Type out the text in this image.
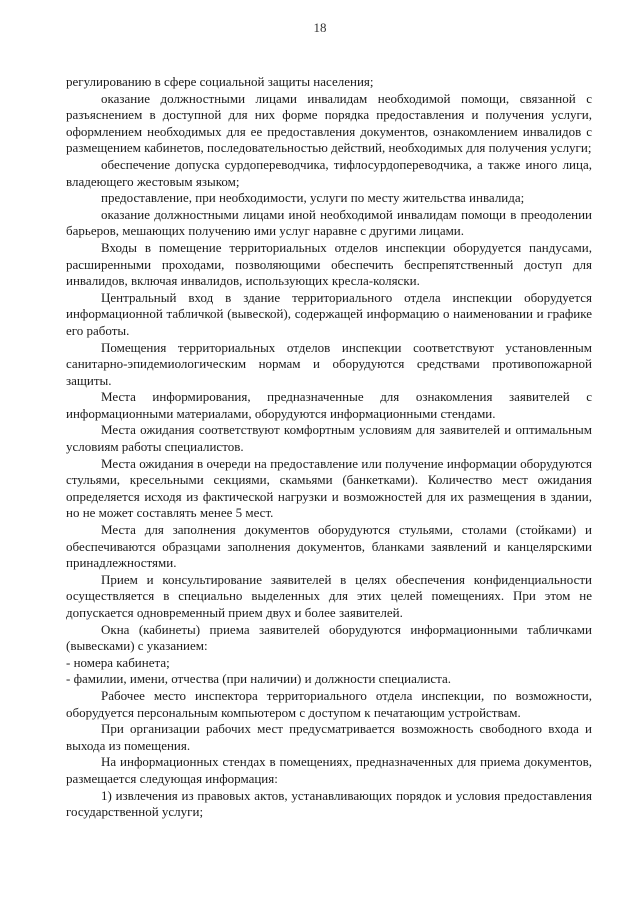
18

регулированию в сфере социальной защиты населения;

оказание должностными лицами инвалидам необходимой помощи, связанной с разъяснением в доступной для них форме порядка предоставления и получения услуги, оформлением необходимых для ее предоставления документов, ознакомлением инвалидов с размещением кабинетов, последовательностью действий, необходимых для получения услуги;

обеспечение допуска сурдопереводчика, тифлосурдопереводчика, а также иного лица, владеющего жестовым языком;

предоставление, при необходимости, услуги по месту жительства инвалида;

оказание должностными лицами иной необходимой инвалидам помощи в преодолении барьеров, мешающих получению ими услуг наравне с другими лицами.

Входы в помещение территориальных отделов инспекции оборудуется пандусами, расширенными проходами, позволяющими обеспечить беспрепятственный доступ для инвалидов, включая инвалидов, использующих кресла-коляски.

Центральный вход в здание территориального отдела инспекции оборудуется информационной табличкой (вывеской), содержащей информацию о наименовании и графике его работы.

Помещения территориальных отделов инспекции соответствуют установленным санитарно-эпидемиологическим нормам и оборудуются средствами противопожарной защиты.

Места информирования, предназначенные для ознакомления заявителей с информационными материалами, оборудуются информационными стендами.

Места ожидания соответствуют комфортным условиям для заявителей и оптимальным условиям работы специалистов.

Места ожидания в очереди на предоставление или получение информации оборудуются стульями, кресельными секциями, скамьями (банкетками). Количество мест ожидания определяется исходя из фактической нагрузки и возможностей для их размещения в здании, но не может составлять менее 5 мест.

Места для заполнения документов оборудуются стульями, столами (стойками) и обеспечиваются образцами заполнения документов, бланками заявлений и канцелярскими принадлежностями.

Прием и консультирование заявителей в целях обеспечения конфиденциальности осуществляется в специально выделенных для этих целей помещениях. При этом не допускается одновременный прием двух и более заявителей.

Окна (кабинеты) приема заявителей оборудуются информационными табличками (вывесками) с указанием:

- номера кабинета;

- фамилии, имени, отчества (при наличии) и должности специалиста.

Рабочее место инспектора территориального отдела инспекции, по возможности, оборудуется персональным компьютером с доступом к печатающим устройствам.

При организации рабочих мест предусматривается возможность свободного входа и выхода из помещения.

На информационных стендах в помещениях, предназначенных для приема документов, размещается следующая информация:

1) извлечения из правовых актов, устанавливающих порядок и условия предоставления государственной услуги;
